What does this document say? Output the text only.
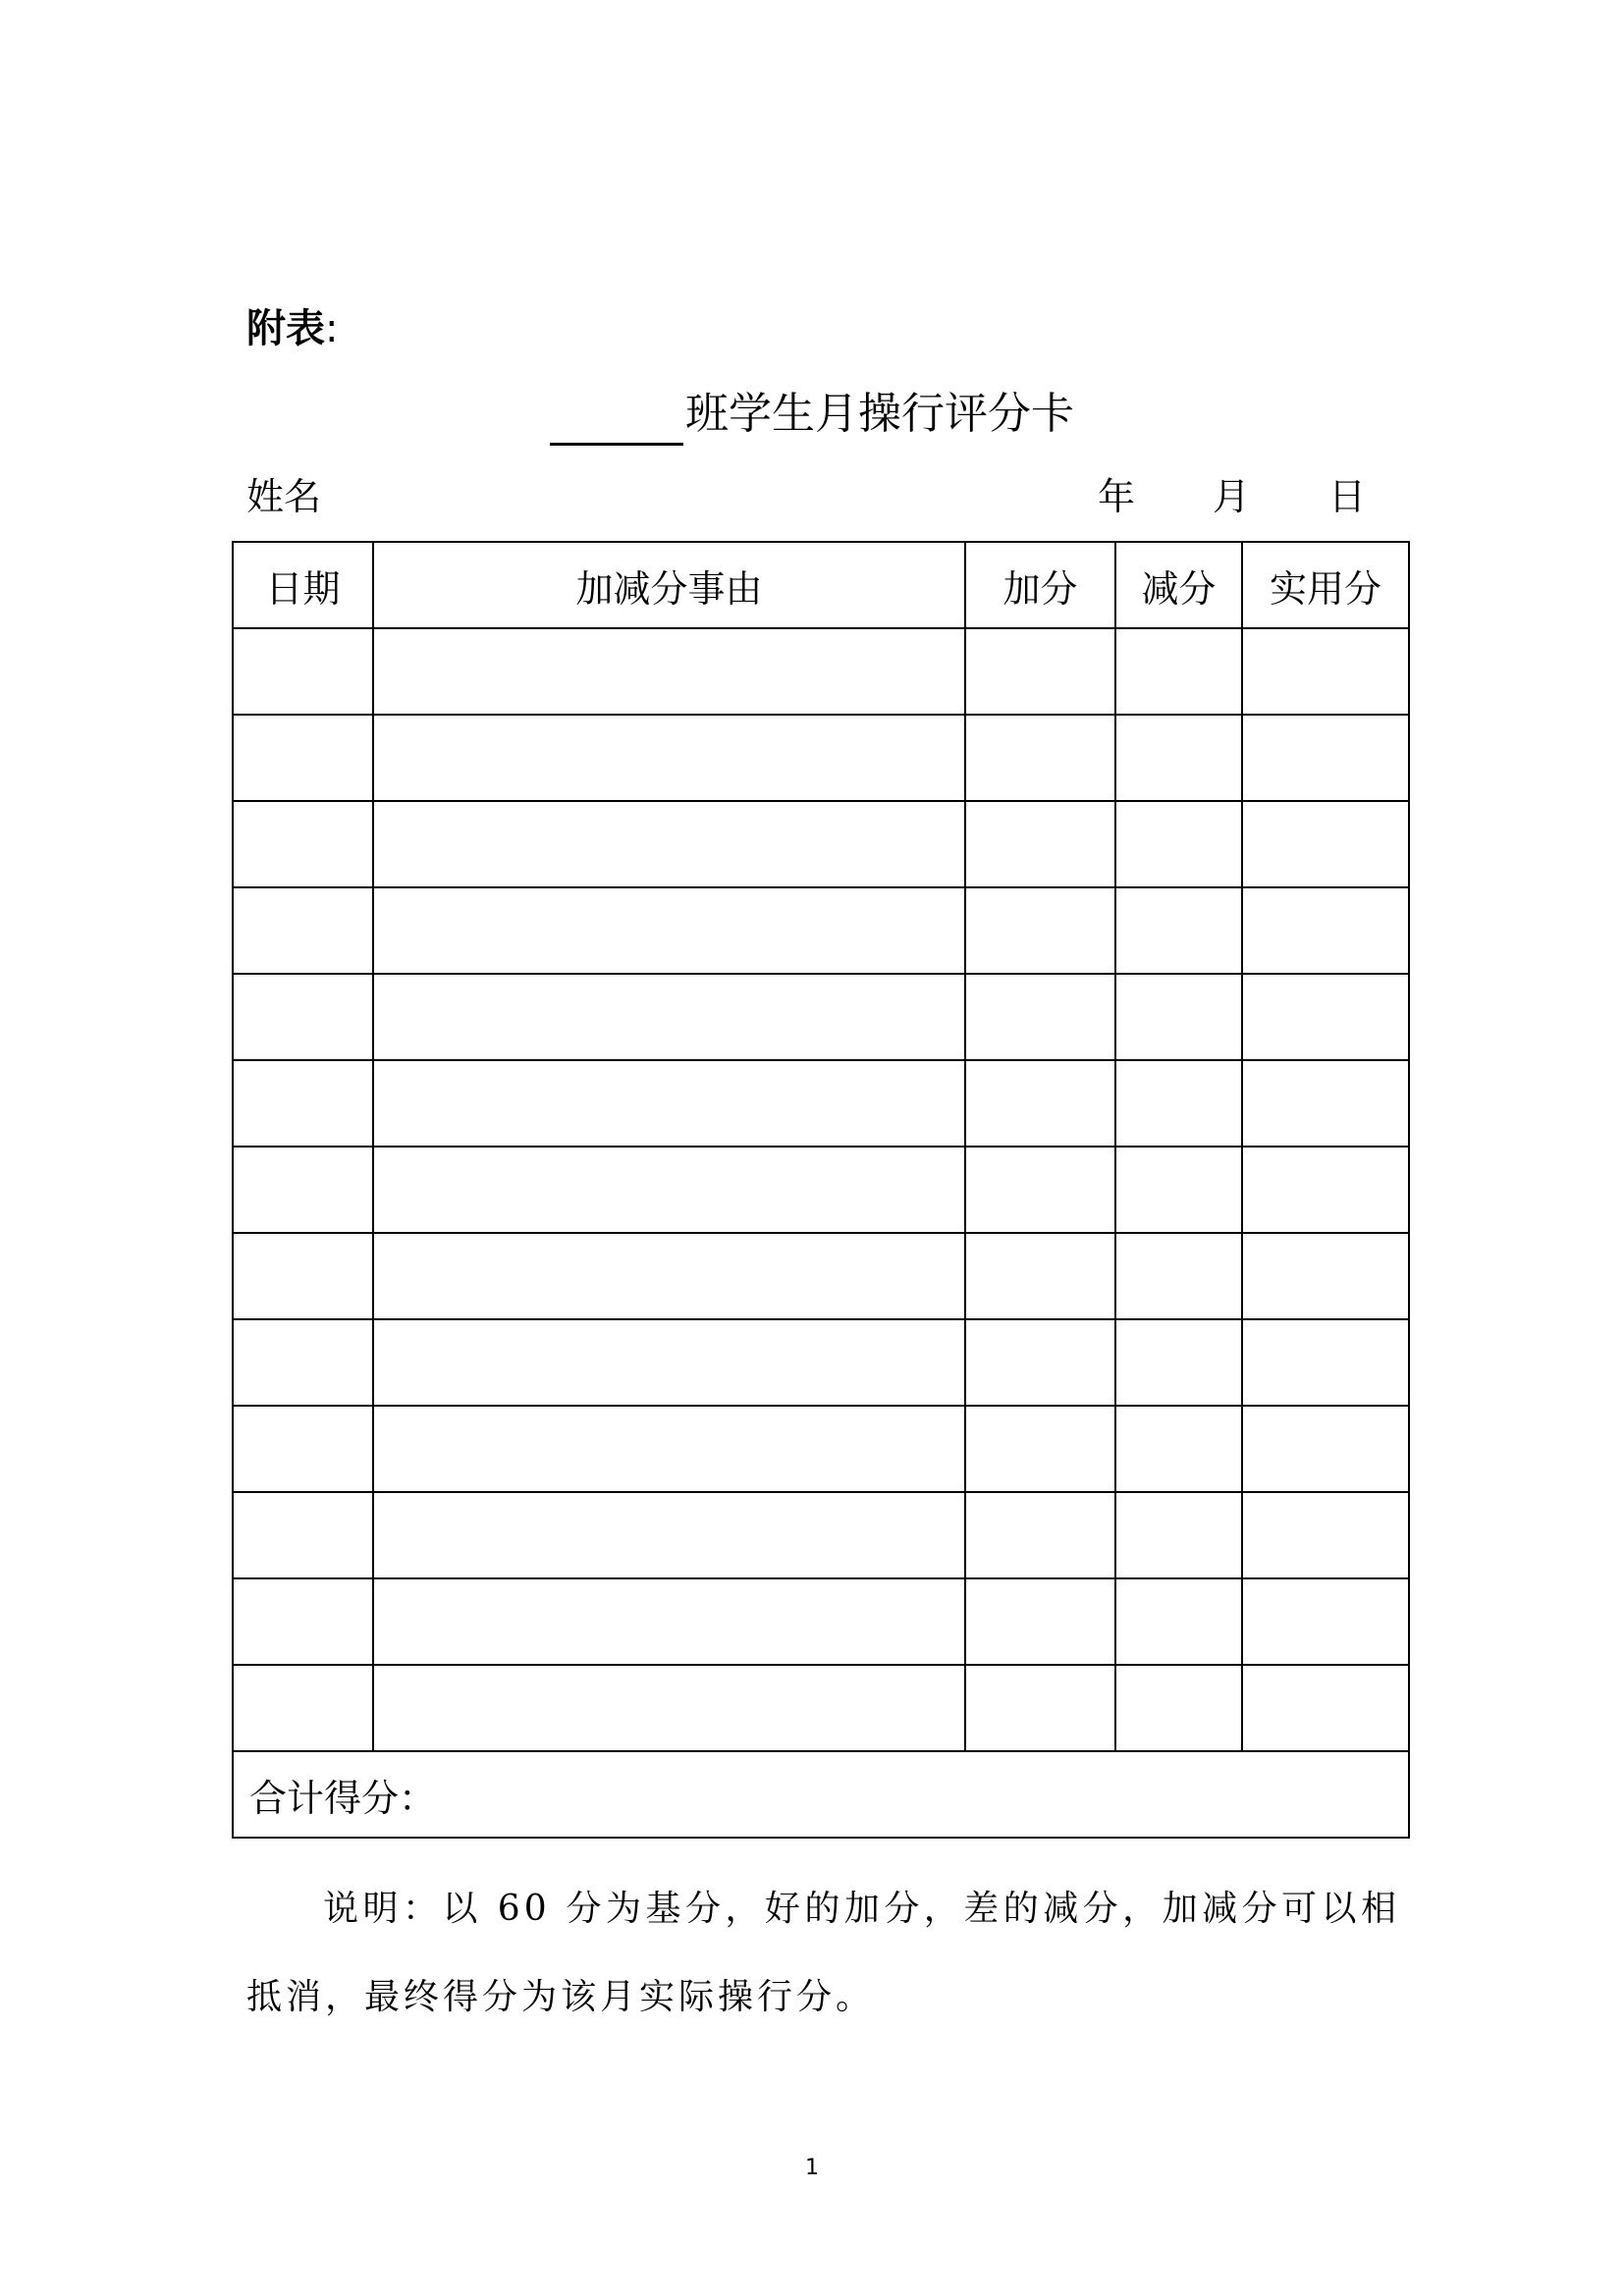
附表:
班学生月操行评分卡
姓名	年 月 日
日期	加减分事由	加分	减分	实用分

合计得分：				
说明：以 60 分为基分，好的加分，差的减分，加减分可以相抵消，最终得分为该月实际操行分。
1
